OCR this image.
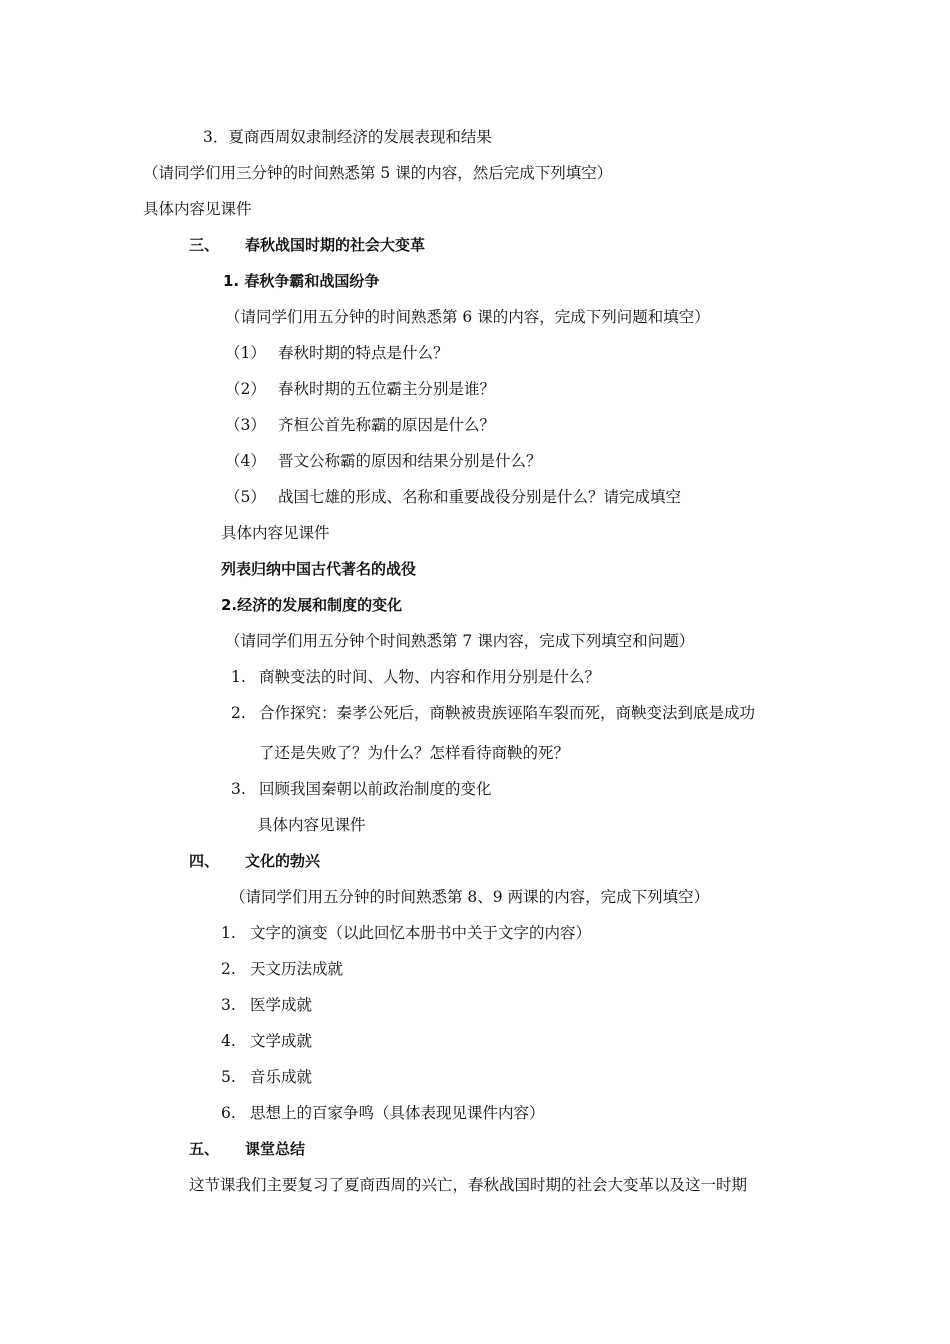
3．夏商西周奴隶制经济的发展表现和结果
（请同学们用三分钟的时间熟悉第 5 课的内容，然后完成下列填空）
具体内容见课件
三、 春秋战国时期的社会大变革
1. 春秋争霸和战国纷争
（请同学们用五分钟的时间熟悉第 6 课的内容，完成下列问题和填空）
（1） 春秋时期的特点是什么？
（2） 春秋时期的五位霸主分别是谁？
（3） 齐桓公首先称霸的原因是什么？
（4） 晋文公称霸的原因和结果分别是什么？
（5） 战国七雄的形成、名称和重要战役分别是什么？请完成填空
具体内容见课件
列表归纳中国古代著名的战役
2.经济的发展和制度的变化
（请同学们用五分钟个时间熟悉第 7 课内容，完成下列填空和问题）
1. 商鞅变法的时间、人物、内容和作用分别是什么？
2. 合作探究：秦孝公死后，商鞅被贵族诬陷车裂而死，商鞅变法到底是成功
了还是失败了？为什么？怎样看待商鞅的死？
3. 回顾我国秦朝以前政治制度的变化
具体内容见课件
四、 文化的勃兴
（请同学们用五分钟的时间熟悉第 8、9 两课的内容，完成下列填空）
1. 文字的演变（以此回忆本册书中关于文字的内容）
2. 天文历法成就
3. 医学成就
4. 文学成就
5. 音乐成就
6. 思想上的百家争鸣（具体表现见课件内容）
五、 课堂总结
这节课我们主要复习了夏商西周的兴亡，春秋战国时期的社会大变革以及这一时期
